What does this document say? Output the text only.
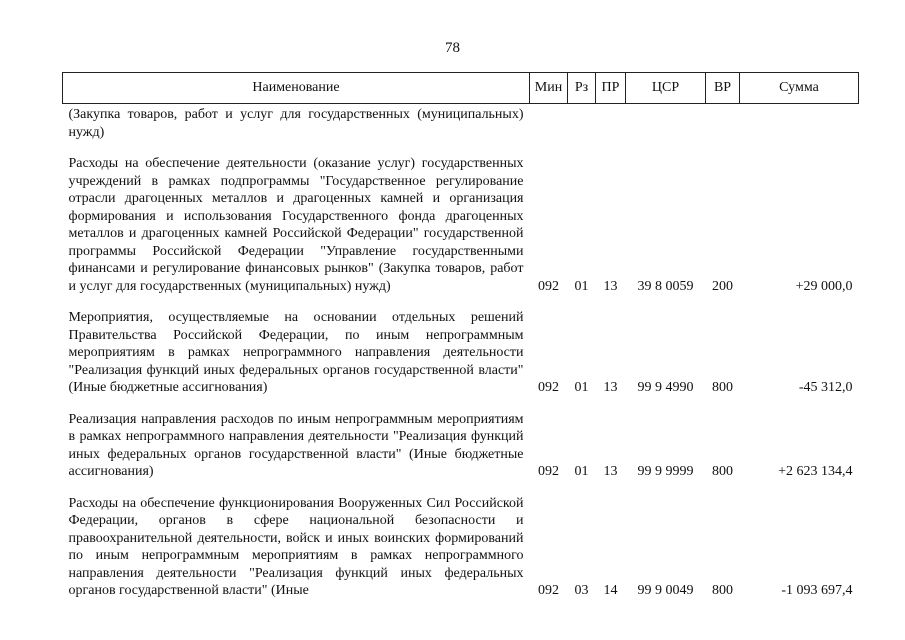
78
Наименование	Мин	Рз	ПР	ЦСР	ВР	Сумма

(Закупка товаров, работ и услуг для государственных (муниципальных) нужд)						

Расходы на обеспечение деятельности (оказание услуг) государственных учреждений в рамках подпрограммы "Государственное регулирование отрасли драгоценных металлов и драгоценных камней и организация формирования и использования Государственного фонда драгоценных металлов и драгоценных камней Российской Федерации" государственной программы Российской Федерации "Управление государственными финансами и регулирование финансовых рынков" (Закупка товаров, работ и услуг для государственных (муниципальных) нужд)	092	01	13	39 8 0059	200	+29 000,0

Мероприятия, осуществляемые на основании отдельных решений Правительства Российской Федерации, по иным непрограммным мероприятиям в рамках непрограммного направления деятельности "Реализация функций иных федеральных органов государственной власти" (Иные бюджетные ассигнования)	092	01	13	99 9 4990	800	-45 312,0

Реализация направления расходов по иным непрограммным мероприятиям в рамках непрограммного направления деятельности "Реализация функций иных федеральных органов государственной власти" (Иные бюджетные ассигнования)	092	01	13	99 9 9999	800	+2 623 134,4

Расходы на обеспечение функционирования Вооруженных Сил Российской Федерации, органов в сфере национальной безопасности и правоохранительной деятельности, войск и иных воинских формирований по иным непрограммным мероприятиям в рамках непрограммного направления деятельности "Реализация функций иных федеральных органов государственной власти" (Иные	092	03	14	99 9 0049	800	-1 093 697,4
